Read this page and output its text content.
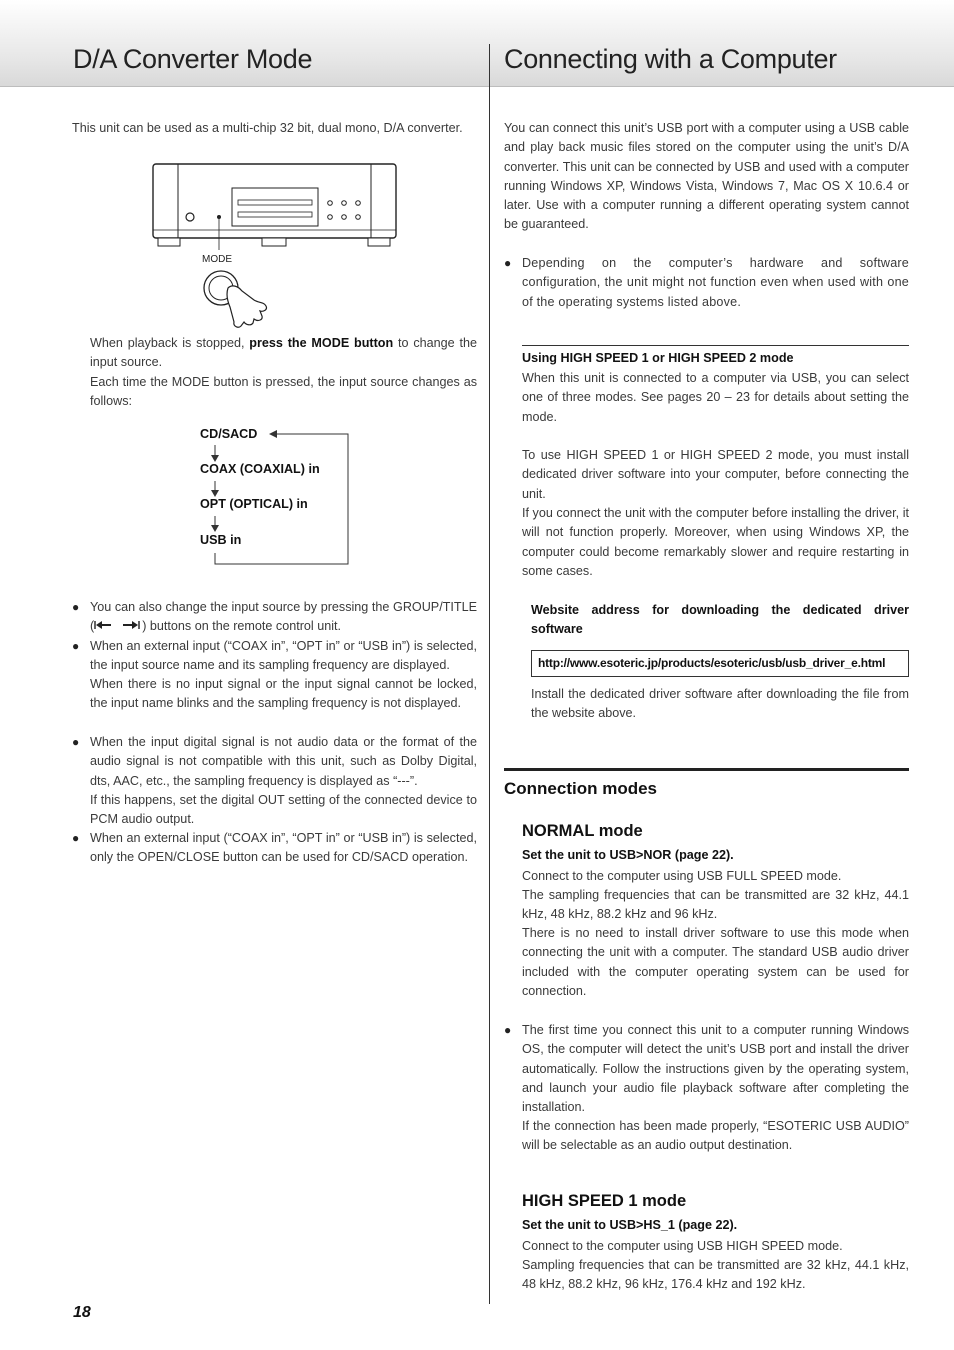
D/A Converter Mode

This unit can be used as a multi-chip 32 bit, dual mono, D/A converter.

MODE

When playback is stopped, press the MODE button to change the input source.

Each time the MODE button is pressed, the input source changes as follows:

CD/SACD
COAX (COAXIAL) in
OPT (OPTICAL) in
USB in
● You can also change the input source by pressing the GROUP/TITLE (	) buttons on the remote control unit.
● When an external input (“COAX in”, “OPT in” or “USB in”) is selected, the input source name and its sampling frequency are displayed.
When there is no input signal or the input signal cannot be locked, the input name blinks and the sampling frequency is not displayed.
● When the input digital signal is not audio data or the format of the audio signal is not compatible with this unit, such as Dolby Digital, dts, AAC, etc., the sampling frequency is displayed as “---”.
If this happens, set the digital OUT setting of the connected device to PCM audio output.
● When an external input (“COAX in”, “OPT in” or “USB in”) is selected, only the OPEN/CLOSE button can be used for CD/SACD operation.
Connecting with a Computer

You can connect this unit’s USB port with a computer using a USB cable and play back music files stored on the computer using the unit’s D/A converter. This unit can be connected by USB and used with a computer running Windows XP, Windows Vista, Windows 7, Mac OS X 10.6.4 or later. Use with a computer running a different operating system cannot be guaranteed.

● Depending on the computer’s hardware and software configuration, the unit might not function even when used with one of the operating systems listed above.
Using HIGH SPEED 1 or HIGH SPEED 2 mode

When this unit is connected to a computer via USB, you can select one of three modes. See pages 20 – 23 for details about setting the mode.

To use HIGH SPEED 1 or HIGH SPEED 2 mode, you must install dedicated driver software into your computer, before connecting the unit.

If you connect the unit with the computer before installing the driver, it will not function properly. Moreover, when using Windows XP, the computer could become remarkably slower and require restarting in some cases.

Website address for downloading the dedicated driver software
http://www.esoteric.jp/products/esoteric/usb/usb_driver_e.html

Install the dedicated driver software after downloading the file from the website above.

Connection modes
NORMAL mode
Set the unit to USB>NOR (page 22).

Connect to the computer using USB FULL SPEED mode.

The sampling frequencies that can be transmitted are 32 kHz, 44.1 kHz, 48 kHz, 88.2 kHz and 96 kHz.

There is no need to install driver software to use this mode when connecting the unit with a computer. The standard USB audio driver included with the computer operating system can be used for connection.

● The first time you connect this unit to a computer running Windows OS, the computer will detect the unit’s USB port and install the driver automatically. Follow the instructions given by the operating system, and launch your audio file playback software after completing the installation.
If the connection has been made properly, “ESOTERIC USB AUDIO” will be selectable as an audio output destination.
HIGH SPEED 1 mode
Set the unit to USB>HS_1 (page 22).

Connect to the computer using USB HIGH SPEED mode.

Sampling frequencies that can be transmitted are 32 kHz, 44.1 kHz, 48 kHz, 88.2 kHz, 96 kHz, 176.4 kHz and 192 kHz.

18
